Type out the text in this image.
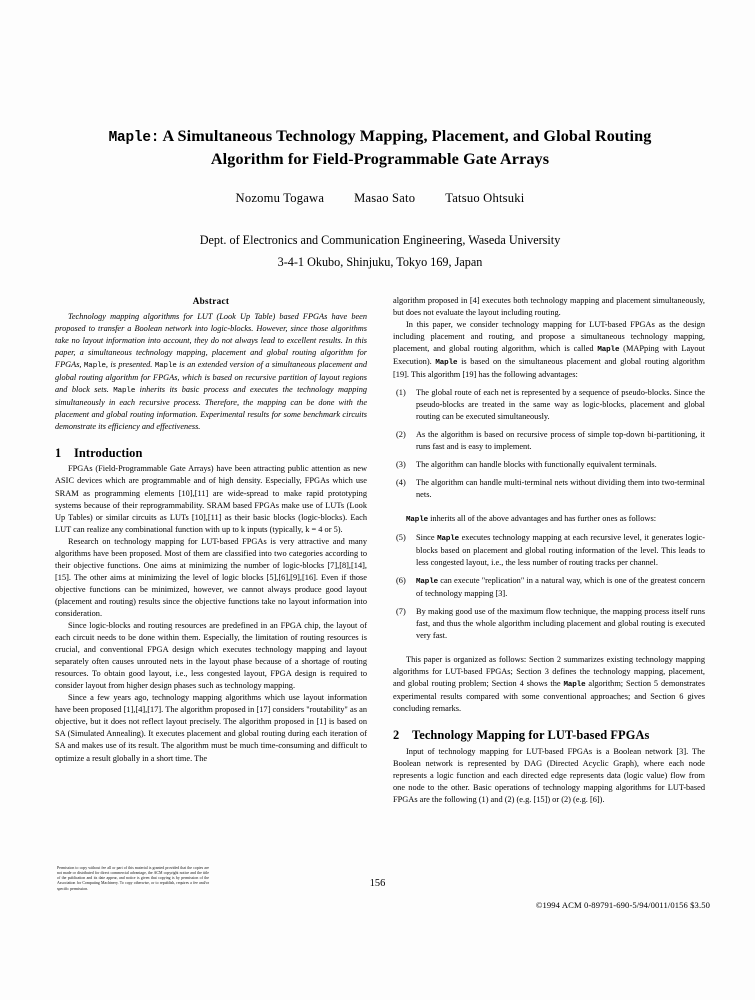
Maple: A Simultaneous Technology Mapping, Placement, and Global Routing
Algorithm for Field-Programmable Gate Arrays
Nozomu Togawa Masao Sato Tatsuo Ohtsuki
Dept. of Electronics and Communication Engineering, Waseda University
3-4-1 Okubo, Shinjuku, Tokyo 169, Japan
Abstract

Technology mapping algorithms for LUT (Look Up Table) based FPGAs have been proposed to transfer a Boolean network into logic-blocks. However, since those algorithms take no layout information into account, they do not always lead to excellent results. In this paper, a simultaneous technology mapping, placement and global routing algorithm for FPGAs, Maple, is presented. Maple is an extended version of a simultaneous placement and global routing algorithm for FPGAs, which is based on recursive partition of layout regions and block sets. Maple inherits its basic process and executes the technology mapping simultaneously in each recursive process. Therefore, the mapping can be done with the placement and global routing information. Experimental results for some benchmark circuits demonstrate its efficiency and effectiveness.

1 Introduction

FPGAs (Field-Programmable Gate Arrays) have been attracting public attention as new ASIC devices which are programmable and of high density. Especially, FPGAs which use SRAM as programming elements [10],[11] are wide-spread to make rapid prototyping systems because of their reprogrammability. SRAM based FPGAs make use of LUTs (Look Up Tables) or similar circuits as LUTs [10],[11] as their basic blocks (logic-blocks). Each LUT can realize any combinational function with up to k inputs (typically, k = 4 or 5).

Research on technology mapping for LUT-based FPGAs is very attractive and many algorithms have been proposed. Most of them are classified into two categories according to their objective functions. One aims at minimizing the number of logic-blocks [7],[8],[14],[15]. The other aims at minimizing the level of logic blocks [5],[6],[9],[16]. Even if those objective functions can be minimized, however, we cannot always produce good layout (placement and routing) results since the objective functions take no layout information into consideration.

Since logic-blocks and routing resources are predefined in an FPGA chip, the layout of each circuit needs to be done within them. Especially, the limitation of routing resources is crucial, and conventional FPGA design which executes technology mapping and layout separately often causes unrouted nets in the layout phase because of a shortage of routing resources. To obtain good layout, i.e., less congested layout, FPGA design is required to consider layout from higher design phases such as technology mapping.

Since a few years ago, technology mapping algorithms which use layout information have been proposed [1],[4],[17]. The algorithm proposed in [17] considers "routability" as an objective, but it does not reflect layout precisely. The algorithm proposed in [1] is based on SA (Simulated Annealing). It executes placement and global routing during each iteration of SA and makes use of its result. The algorithm must be much time-consuming and difficult to optimize a result globally in a short time. The

algorithm proposed in [4] executes both technology mapping and placement simultaneously, but does not evaluate the layout including routing.

In this paper, we consider technology mapping for LUT-based FPGAs as the design including placement and routing, and propose a simultaneous technology mapping, placement, and global routing algorithm, which is called Maple (MAPping with Layout Execution). Maple is based on the simultaneous placement and global routing algorithm [19]. This algorithm [19] has the following advantages:

(1)	The global route of each net is represented by a sequence of pseudo-blocks. Since the pseudo-blocks are treated in the same way as logic-blocks, placement and global routing can be executed simultaneously.
(2)	As the algorithm is based on recursive process of simple top-down bi-partitioning, it runs fast and is easy to implement.
(3)	The algorithm can handle blocks with functionally equivalent terminals.
(4)	The algorithm can handle multi-terminal nets without dividing them into two-terminal nets.

Maple inherits all of the above advantages and has further ones as follows:

(5)	Since Maple executes technology mapping at each recursive level, it generates logic-blocks based on placement and global routing information of the level. This leads to less congested layout, i.e., the less number of routing tracks per channel.
(6)	Maple can execute "replication" in a natural way, which is one of the greatest concern of technology mapping [3].
(7)	By making good use of the maximum flow technique, the mapping process itself runs fast, and thus the whole algorithm including placement and global routing is executed very fast.

This paper is organized as follows: Section 2 summarizes existing technology mapping algorithms for LUT-based FPGAs; Section 3 defines the technology mapping, placement, and global routing problem; Section 4 shows the Maple algorithm; Section 5 demonstrates experimental results compared with some conventional approaches; and Section 6 gives concluding remarks.

2 Technology Mapping for LUT-based FPGAs

Input of technology mapping for LUT-based FPGAs is a Boolean network [3]. The Boolean network is represented by DAG (Directed Acyclic Graph), where each node represents a logic function and each directed edge represents data (logic value) flow from one node to the other. Basic operations of technology mapping algorithms for LUT-based FPGAs are the following (1) and (2) (e.g. [15]) or (2) (e.g. [6]).

Permission to copy without fee all or part of this material is granted provided that the copies are not made or distributed for direct commercial advantage, the ACM copyright notice and the title of the publication and its date appear, and notice is given that copying is by permission of the Association for Computing Machinery. To copy otherwise, or to republish, requires a fee and/or specific permission.	156
©1994 ACM 0-89791-690-5/94/0011/0156 $3.50
